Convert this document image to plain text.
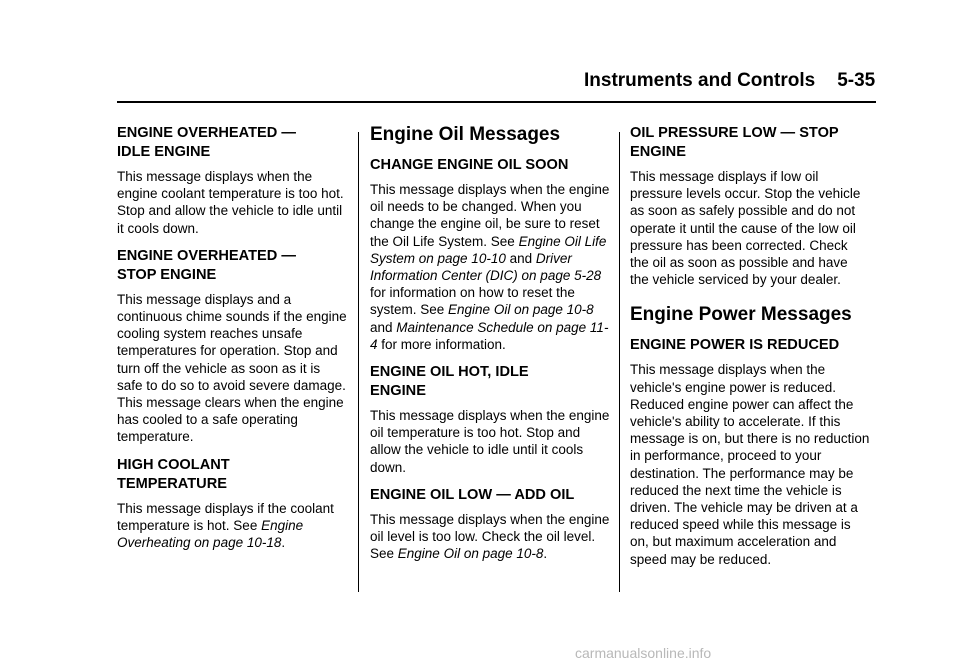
Instruments and Controls 5-35
ENGINE OVERHEATED —
IDLE ENGINE

This message displays when the engine coolant temperature is too hot. Stop and allow the vehicle to idle until it cools down.

ENGINE OVERHEATED —
STOP ENGINE

This message displays and a continuous chime sounds if the engine cooling system reaches unsafe temperatures for operation. Stop and turn off the vehicle as soon as it is safe to do so to avoid severe damage. This message clears when the engine has cooled to a safe operating temperature.

HIGH COOLANT
TEMPERATURE

This message displays if the coolant temperature is hot. See Engine Overheating on page 10-18.

Engine Oil Messages
CHANGE ENGINE OIL SOON

This message displays when the engine oil needs to be changed. When you change the engine oil, be sure to reset the Oil Life System. See Engine Oil Life System on page 10-10 and Driver Information Center (DIC) on page 5-28 for information on how to reset the system. See Engine Oil on page 10-8 and Maintenance Schedule on page 11-4 for more information.

ENGINE OIL HOT, IDLE
ENGINE

This message displays when the engine oil temperature is too hot. Stop and allow the vehicle to idle until it cools down.

ENGINE OIL LOW — ADD OIL

This message displays when the engine oil level is too low. Check the oil level. See Engine Oil on page 10-8.

OIL PRESSURE LOW — STOP
ENGINE

This message displays if low oil pressure levels occur. Stop the vehicle as soon as safely possible and do not operate it until the cause of the low oil pressure has been corrected. Check the oil as soon as possible and have the vehicle serviced by your dealer.

Engine Power Messages
ENGINE POWER IS REDUCED

This message displays when the vehicle's engine power is reduced. Reduced engine power can affect the vehicle's ability to accelerate. If this message is on, but there is no reduction in performance, proceed to your destination. The performance may be reduced the next time the vehicle is driven. The vehicle may be driven at a reduced speed while this message is on, but maximum acceleration and speed may be reduced.

carmanualsonline.info
